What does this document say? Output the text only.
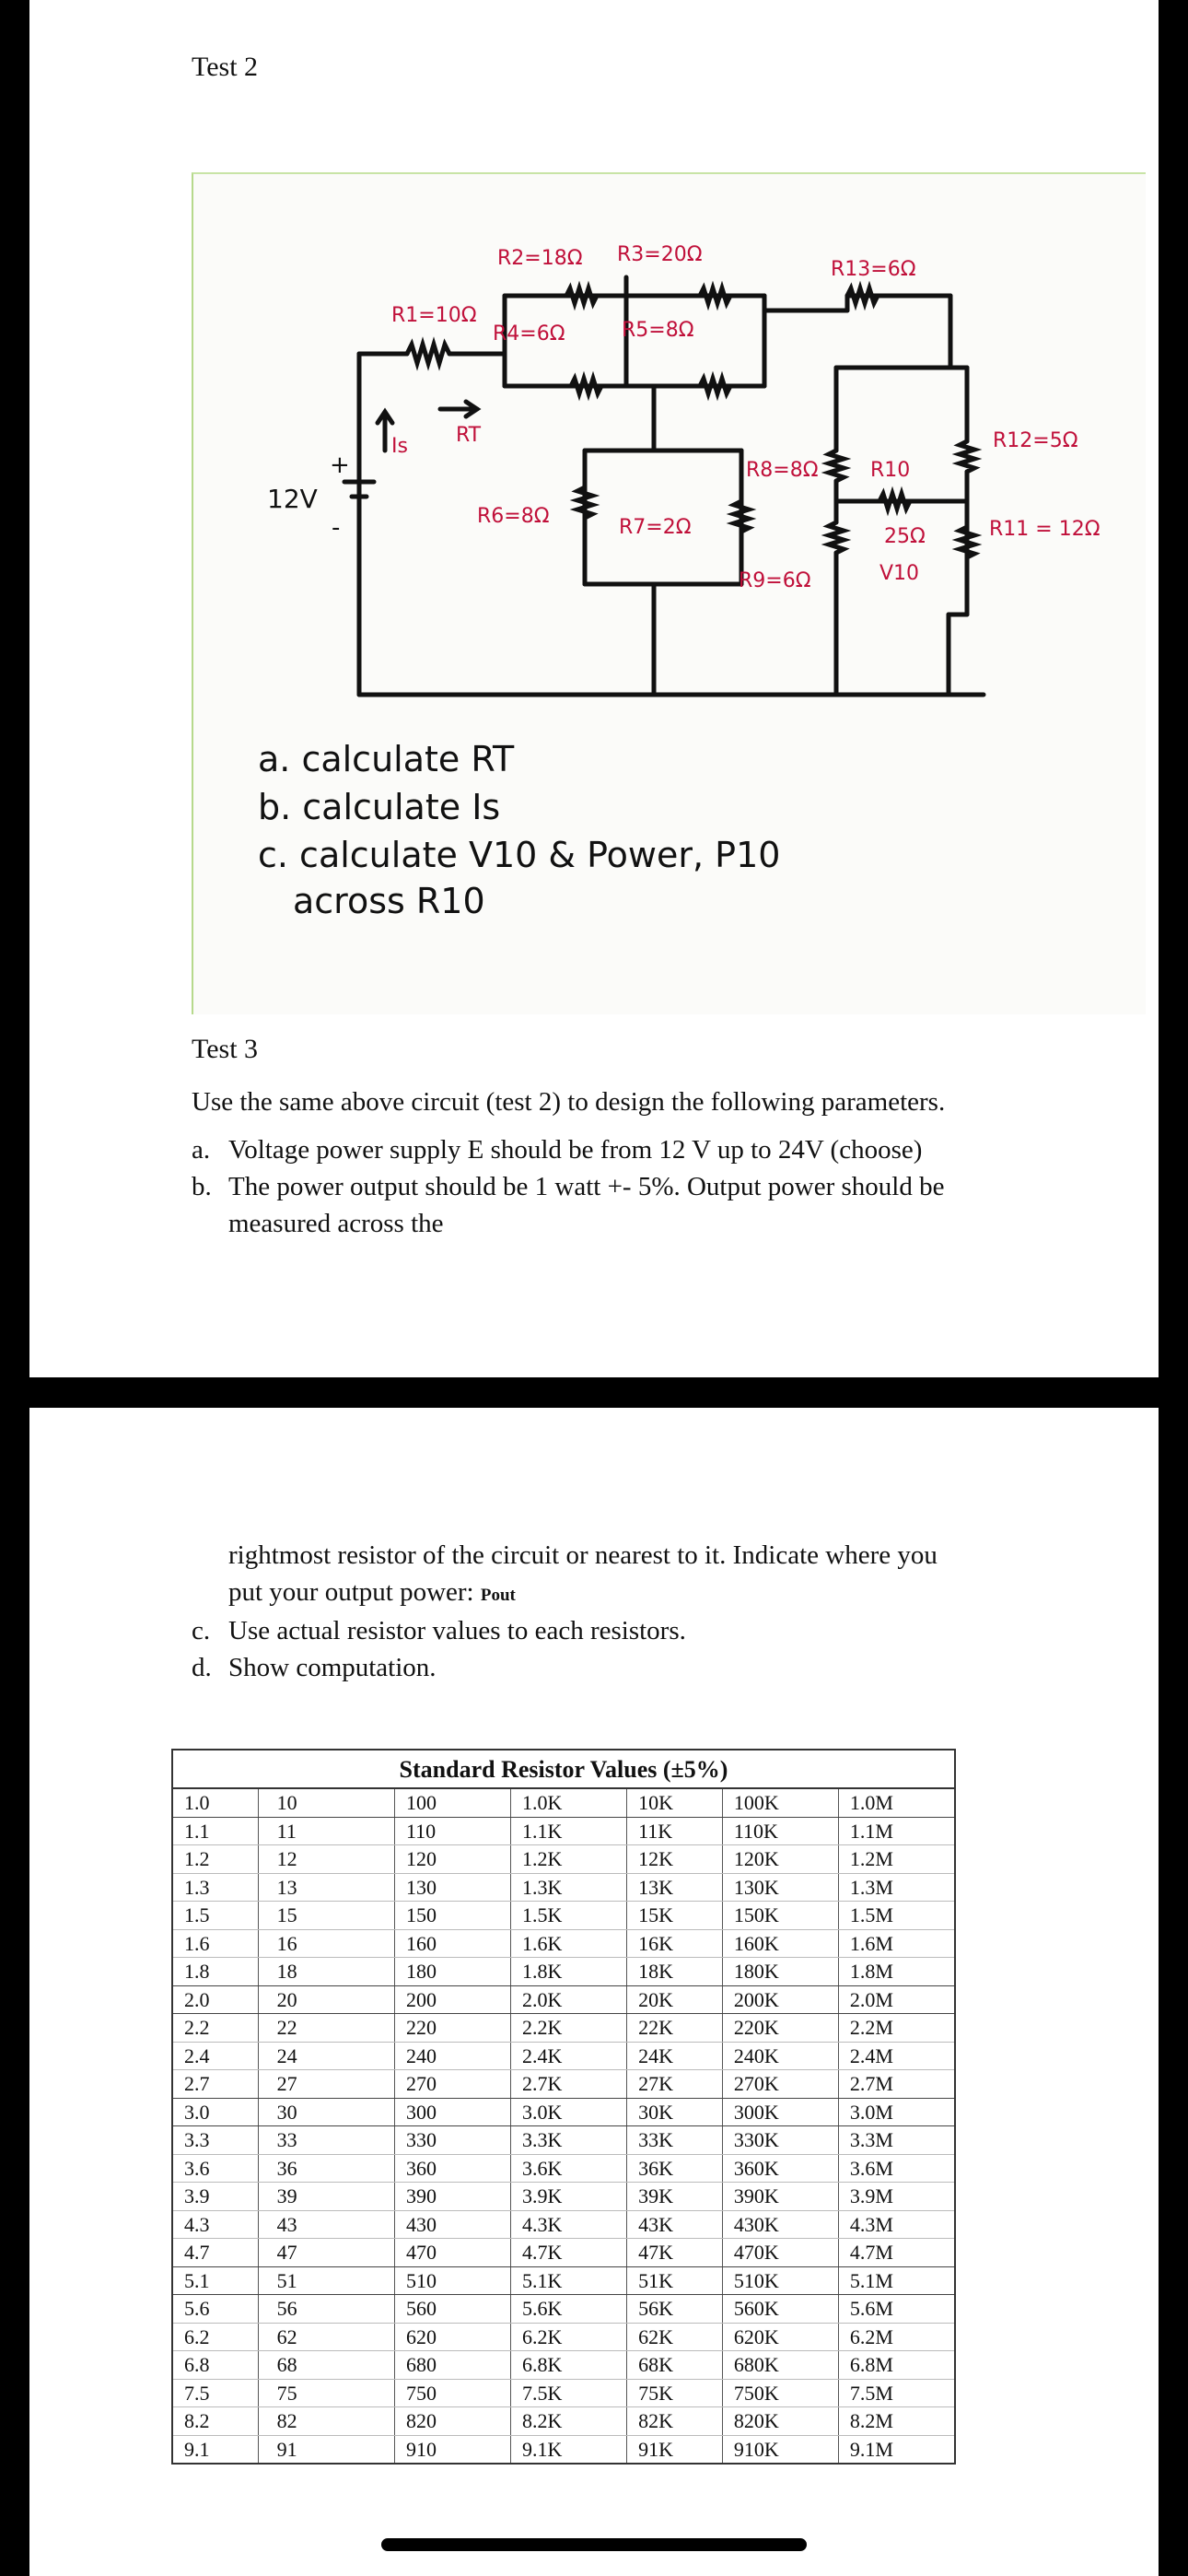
Test 2
R2=18Ω R3=20Ω
R13=6Ω
R1=10Ω
R4=6Ω	R5=8Ω
R8=8Ω	R10
25Ω
V10
R12=5Ω
R11 = 12Ω
R6=8Ω	R7=2Ω
R9=6Ω
Is RT
12V
+
-
a. calculate RT
b. calculate Is
c. calculate V10 & Power, P10
across R10
Test 3
Use the same above circuit (test 2) to design the following parameters.
a. Voltage power supply E should be from 12 V up to 24V (choose)
b. The power output should be 1 watt +- 5%. Output power should be
measured across the
rightmost resistor of the circuit or nearest to it. Indicate where you
put your output power: Pout
c. Use actual resistor values to each resistors.
d. Show computation.
Standard Resistor Values (±5%)
1.0	10	100	1.0K	10K	100K	1.0M
1.1	11	110	1.1K	11K	110K	1.1M
1.2	12	120	1.2K	12K	120K	1.2M
1.3	13	130	1.3K	13K	130K	1.3M
1.5	15	150	1.5K	15K	150K	1.5M
1.6	16	160	1.6K	16K	160K	1.6M
1.8	18	180	1.8K	18K	180K	1.8M
2.0	20	200	2.0K	20K	200K	2.0M
2.2	22	220	2.2K	22K	220K	2.2M
2.4	24	240	2.4K	24K	240K	2.4M
2.7	27	270	2.7K	27K	270K	2.7M
3.0	30	300	3.0K	30K	300K	3.0M
3.3	33	330	3.3K	33K	330K	3.3M
3.6	36	360	3.6K	36K	360K	3.6M
3.9	39	390	3.9K	39K	390K	3.9M
4.3	43	430	4.3K	43K	430K	4.3M
4.7	47	470	4.7K	47K	470K	4.7M
5.1	51	510	5.1K	51K	510K	5.1M
5.6	56	560	5.6K	56K	560K	5.6M
6.2	62	620	6.2K	62K	620K	6.2M
6.8	68	680	6.8K	68K	680K	6.8M
7.5	75	750	7.5K	75K	750K	7.5M
8.2	82	820	8.2K	82K	820K	8.2M
9.1	91	910	9.1K	91K	910K	9.1M
